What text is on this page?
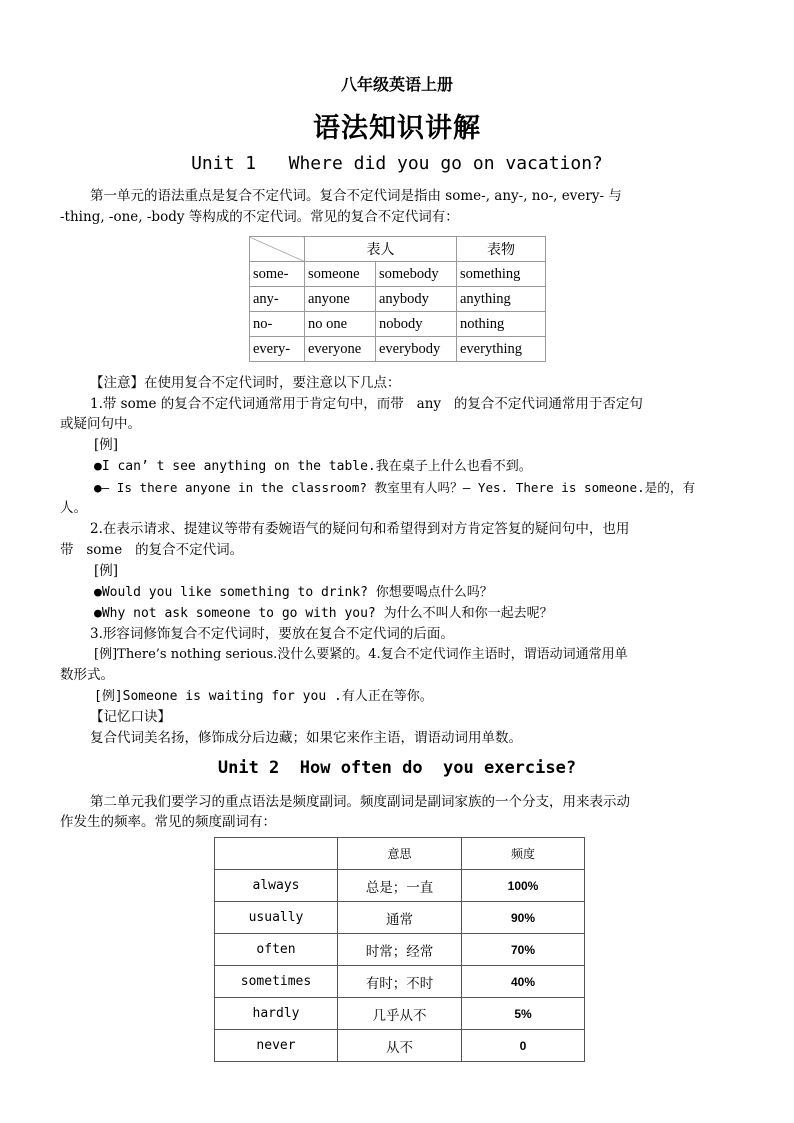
八年级英语上册
语法知识讲解
Unit 1   Where did you go on vacation?
第一单元的语法重点是复合不定代词。复合不定代词是指由 some-, any-, no-, every- 与
-thing, -one, -body 等构成的不定代词。常见的复合不定代词有：
	表人		表物
some-	someone	somebody	something
any-	anyone	anybody	anything
no-	no one	nobody	nothing
every-	everyone	everybody	everything
【注意】在使用复合不定代词时，要注意以下几点：
1.带 some 的复合不定代词通常用于肯定句中，而带   any   的复合不定代词通常用于否定句
或疑问句中。
[例]
●I can’ t see anything on the table.我在桌子上什么也看不到。
●— Is there anyone in the classroom? 教室里有人吗？— Yes. There is someone.是的，有
人。
2.在表示请求、提建议等带有委婉语气的疑问句和希望得到对方肯定答复的疑问句中，也用
带   some   的复合不定代词。
[例]
●Would you like something to drink? 你想要喝点什么吗？
●Why not ask someone to go with you? 为什么不叫人和你一起去呢？
3.形容词修饰复合不定代词时，要放在复合不定代词的后面。
[例]There’s nothing serious.没什么要紧的。4.复合不定代词作主语时，谓语动词通常用单
数形式。
[例]Someone is waiting for you .有人正在等你。
【记忆口诀】
复合代词美名扬，修饰成分后边藏；如果它来作主语，谓语动词用单数。
Unit 2  How often do  you exercise?
第二单元我们要学习的重点语法是频度副词。频度副词是副词家族的一个分支，用来表示动
作发生的频率。常见的频度副词有：
	意思	频度
always	总是；一直	100%
usually	通常	90%
often	时常；经常	70%
sometimes	有时；不时	40%
hardly	几乎从不	5%
never	从不	0
